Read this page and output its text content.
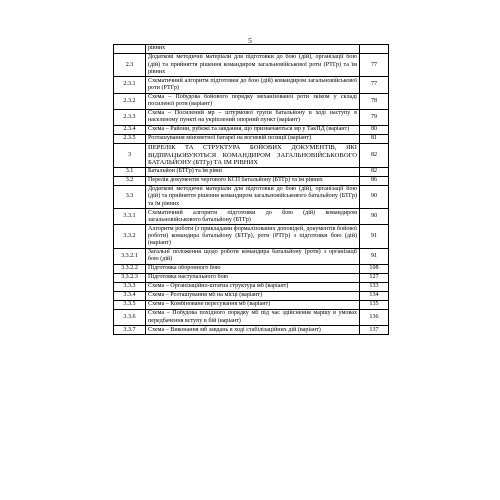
5
	рівних	
2.3	Додаткові методичні матеріали для підготовки до бою (дій), організації бою (дій) та прийняття рішення командиром загальновійськової роти (РТГр) та їм рівних	77
2.3.1	Схематичний алгоритм підготовки до бою (дій) командиром загальновійськової роти (РТГр)	77
2.3.2	Схема – Побудова бойового порядку механізованої роти зкіком у складі посиленої роти (варіант)	78
2.3.3	Схема – Посилений мр – штурмової групи батальйону в ході наступу в населеному пункті на укріплений опорний пункт (варіант)	79
2.3.4	Схема – Райони, рубежі та завдання, що призначаються мр у ТакПД (варіант)	80
2.3.5	Розташування мінометної батареї на вогневій позиції (варіант)	81
3	ПЕРЕЛІК ТА СТРУКТУРА БОЙОВИХ ДОКУМЕНТІВ, ЯКІ ВІДПРАЦЬОВУЮТЬСЯ КОМАНДИРОМ ЗАГАЛЬНОВІЙСЬКОВОГО БАТАЛЬЙОНУ (БТГр) ТА ІМ РІВНИХ	82
3.1	Батальйон (БТГр) та їм рівні	82
3.2	Перелік документів чергового КСП батальйону (БТГр) та їм рівних	86
3.3	Додаткові методичні матеріали для підготовки до бою (дій), організації бою (дій) та прийняття рішення командиром загальновійськового батальйону (БТГр) та їм рівних	90
3.3.1	Схематичний алгоритм підготовки до бою (дій) командиром загальновійськового батальйону (БТГр)	90
3.3.2	Алгоритм роботи (з прикладами формалізованих доповідей, документів бойової роботи) командира батальйону (БТГр), роти (РТГр) з підготовки бою (дій) (варіант)	91
3.3.2.1	Загальні положення щодо роботи командира батальйону (роти) з організації бою (дій)	91
3.3.2.2	Підготовка оборонного бою	108
3.3.2.3	Підготовка наступального бою	127
3.3.3	Схема – Організаційно-штатна структура мб (варіант)	133
3.3.4	Схема – Розташування мб на місці (варіант)	134
3.3.5	Схема – Комбіноване пересування мб (варіант)	135
3.3.6	Схема – Побудова похідного порядку мб під час здійснення маршу в умовах передбачення вступу в бій (варіант)	136
3.3.7	Схема – Виконання мб завдань в ході стабілізаційних дій (варіант)	137
